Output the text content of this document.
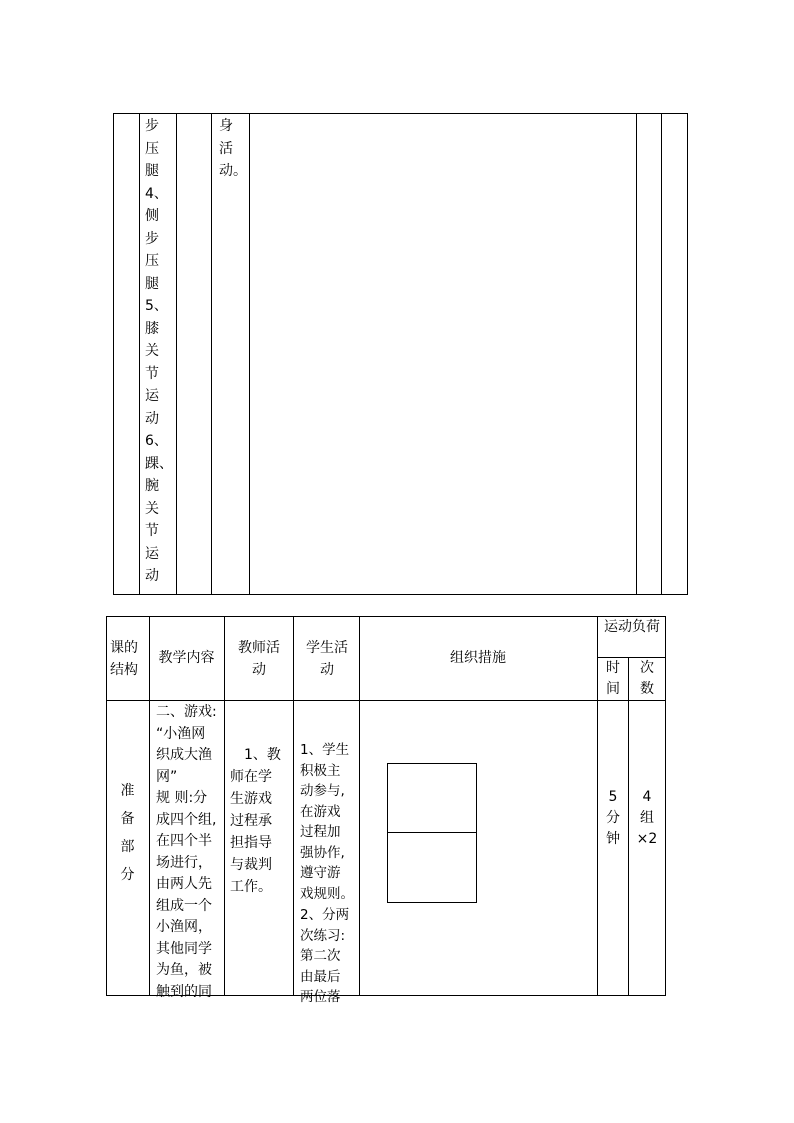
步
压
腿
4、
侧
步
压
腿
5、
膝
关
节
运
动
6、
踝、
腕
关
节
运
动
身
活
动。
课的结构
教学内容
教师活动
学生活动
组织措施
运动负荷
时间
次数
准
备
部
分
二、游戏:
“小渔网
织成大渔
网”
规 则:分
成四个组,
在四个半
场进行，
由两人先
组成一个
小渔网，
其他同学
为鱼，被
触到的同
　1、教
师在学
生游戏
过程承
担指导
与裁判
工作。
1、学生
积极主
动参与,
在游戏
过程加
强协作,
遵守游
戏规则。
2、分两
次练习:
第二次
由最后
两位落
5
分
钟
4
组
×2
